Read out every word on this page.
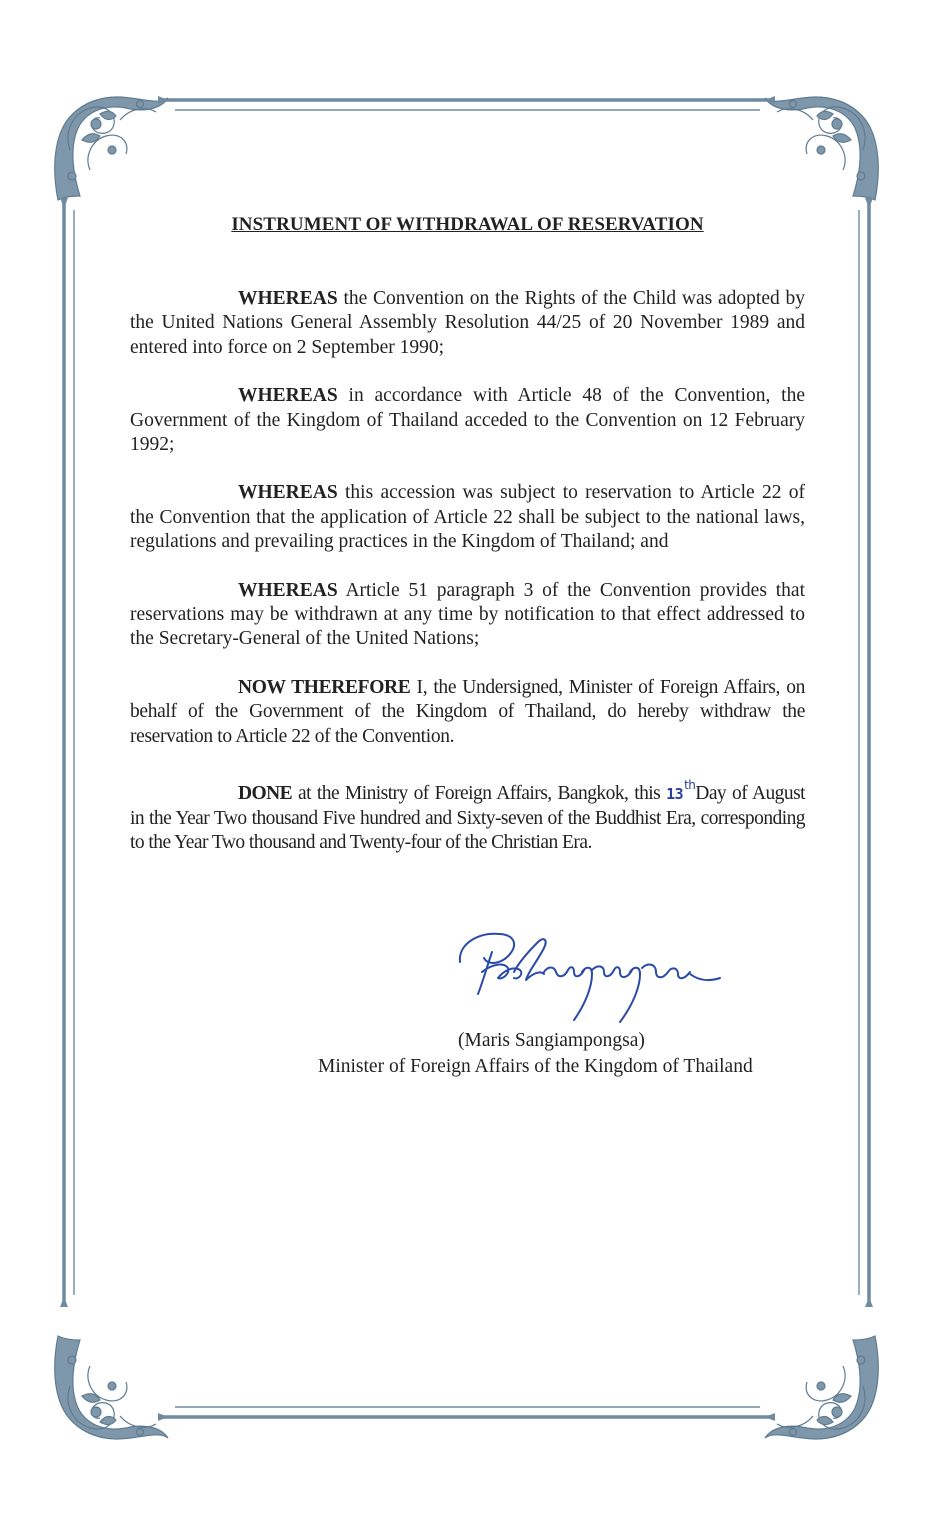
INSTRUMENT OF WITHDRAWAL OF RESERVATION

WHEREAS the Convention on the Rights of the Child was adopted by the United Nations General Assembly Resolution 44/25 of 20 November 1989 and entered into force on 2 September 1990;

WHEREAS in accordance with Article 48 of the Convention, the Government of the Kingdom of Thailand acceded to the Convention on 12 February 1992;

WHEREAS this accession was subject to reservation to Article 22 of the Convention that the application of Article 22 shall be subject to the national laws, regulations and prevailing practices in the Kingdom of Thailand; and

WHEREAS Article 51 paragraph 3 of the Convention provides that reservations may be withdrawn at any time by notification to that effect addressed to the Secretary-General of the United Nations;

NOW THEREFORE I, the Undersigned, Minister of Foreign Affairs, on behalf of the Government of the Kingdom of Thailand, do hereby withdraw the reservation to Article 22 of the Convention.

DONE at the Ministry of Foreign Affairs, Bangkok, this 13thDay of August in the Year Two thousand Five hundred and Sixty-seven of the Buddhist Era, corresponding to the Year Two thousand and Twenty-four of the Christian Era.

(Maris Sangiampongsa)

Minister of Foreign Affairs of the Kingdom of Thailand
